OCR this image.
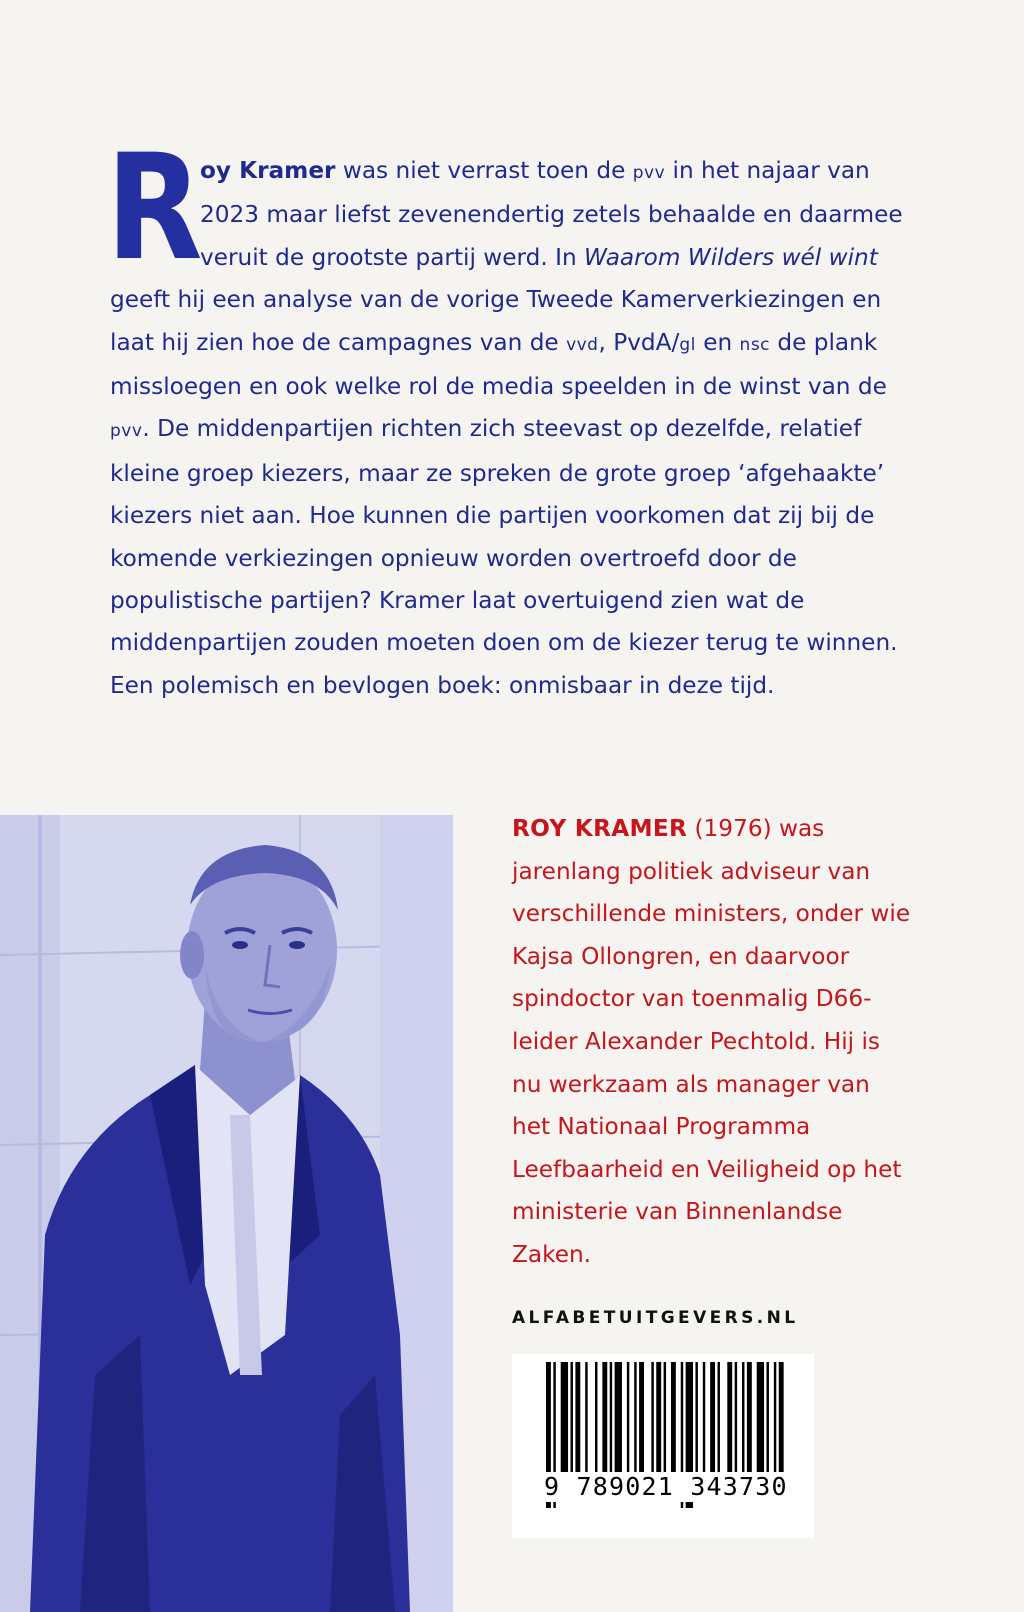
R
oy Kramer was niet verrast toen de pvv in het najaar van 2023 maar liefst zevenendertig zetels behaalde en daarmee veruit de grootste partij werd. In Waarom Wilders wél wint geeft hij een analyse van de vorige Tweede Kamerverkiezingen en laat hij zien hoe de campagnes van de vvd, PvdA/gl en nsc de plank missloegen en ook welke rol de media speelden in de winst van de pvv. De middenpartijen richten zich steevast op dezelfde, relatief kleine groep kiezers, maar ze spreken de grote groep ‘afgehaakte’ kiezers niet aan. Hoe kunnen die partijen voorkomen dat zij bij de komende verkiezingen opnieuw worden overtroefd door de populistische partijen? Kramer laat overtuigend zien wat de middenpartijen zouden moeten doen om de kiezer terug te winnen. Een polemisch en bevlogen boek: onmisbaar in deze tijd.

ROY KRAMER (1976) was jarenlang politiek adviseur van verschillende ministers, onder wie Kajsa Ollongren, en daarvoor spindoctor van toenmalig D66-leider Alexander Pechtold. Hij is nu werkzaam als manager van het Nationaal Programma Leefbaarheid en Veiligheid op het ministerie van Binnenlandse Zaken.

ALFABETUITGEVERS.NL
9 789021 343730
